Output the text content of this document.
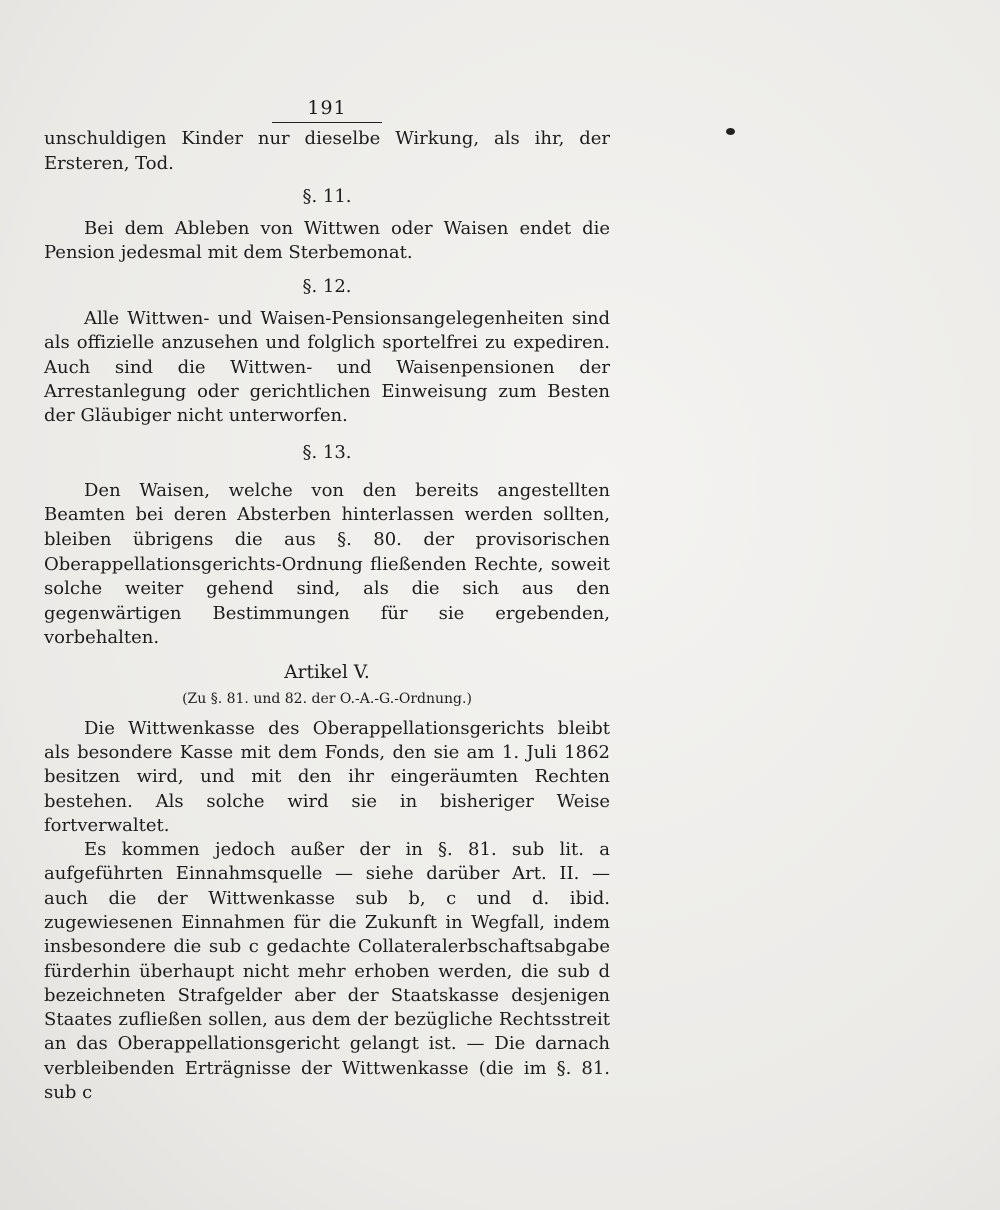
191

unschuldigen Kinder nur dieselbe Wirkung, als ihr, der Ersteren, Tod.

§. 11.

Bei dem Ableben von Wittwen oder Waisen endet die Pension jedesmal mit dem Sterbemonat.

§. 12.

Alle Wittwen- und Waisen-Pensionsangelegenheiten sind als offizielle anzusehen und folglich sportelfrei zu expediren. Auch sind die Wittwen- und Waisenpensionen der Arrestanlegung oder gerichtlichen Einweisung zum Besten der Gläubiger nicht unterworfen.

§. 13.

Den Waisen, welche von den bereits angestellten Beamten bei deren Absterben hinterlassen werden sollten, bleiben übrigens die aus §. 80. der provisorischen Oberappellationsgerichts-Ordnung fließenden Rechte, soweit solche weiter gehend sind, als die sich aus den gegenwärtigen Bestimmungen für sie ergebenden, vorbehalten.

Artikel V.
(Zu §. 81. und 82. der O.-A.-G.-Ordnung.)

Die Wittwenkasse des Oberappellationsgerichts bleibt als besondere Kasse mit dem Fonds, den sie am 1. Juli 1862 besitzen wird, und mit den ihr eingeräumten Rechten bestehen. Als solche wird sie in bisheriger Weise fortverwaltet.

Es kommen jedoch außer der in §. 81. sub lit. a aufgeführten Einnahmsquelle — siehe darüber Art. II. — auch die der Wittwenkasse sub b, c und d. ibid. zugewiesenen Einnahmen für die Zukunft in Wegfall, indem insbesondere die sub c gedachte Collateralerbschaftsabgabe fürderhin überhaupt nicht mehr erhoben werden, die sub d bezeichneten Strafgelder aber der Staatskasse desjenigen Staates zufließen sollen, aus dem der bezügliche Rechtsstreit an das Oberappellationsgericht gelangt ist. — Die darnach verbleibenden Erträgnisse der Wittwenkasse (die im §. 81. sub c
